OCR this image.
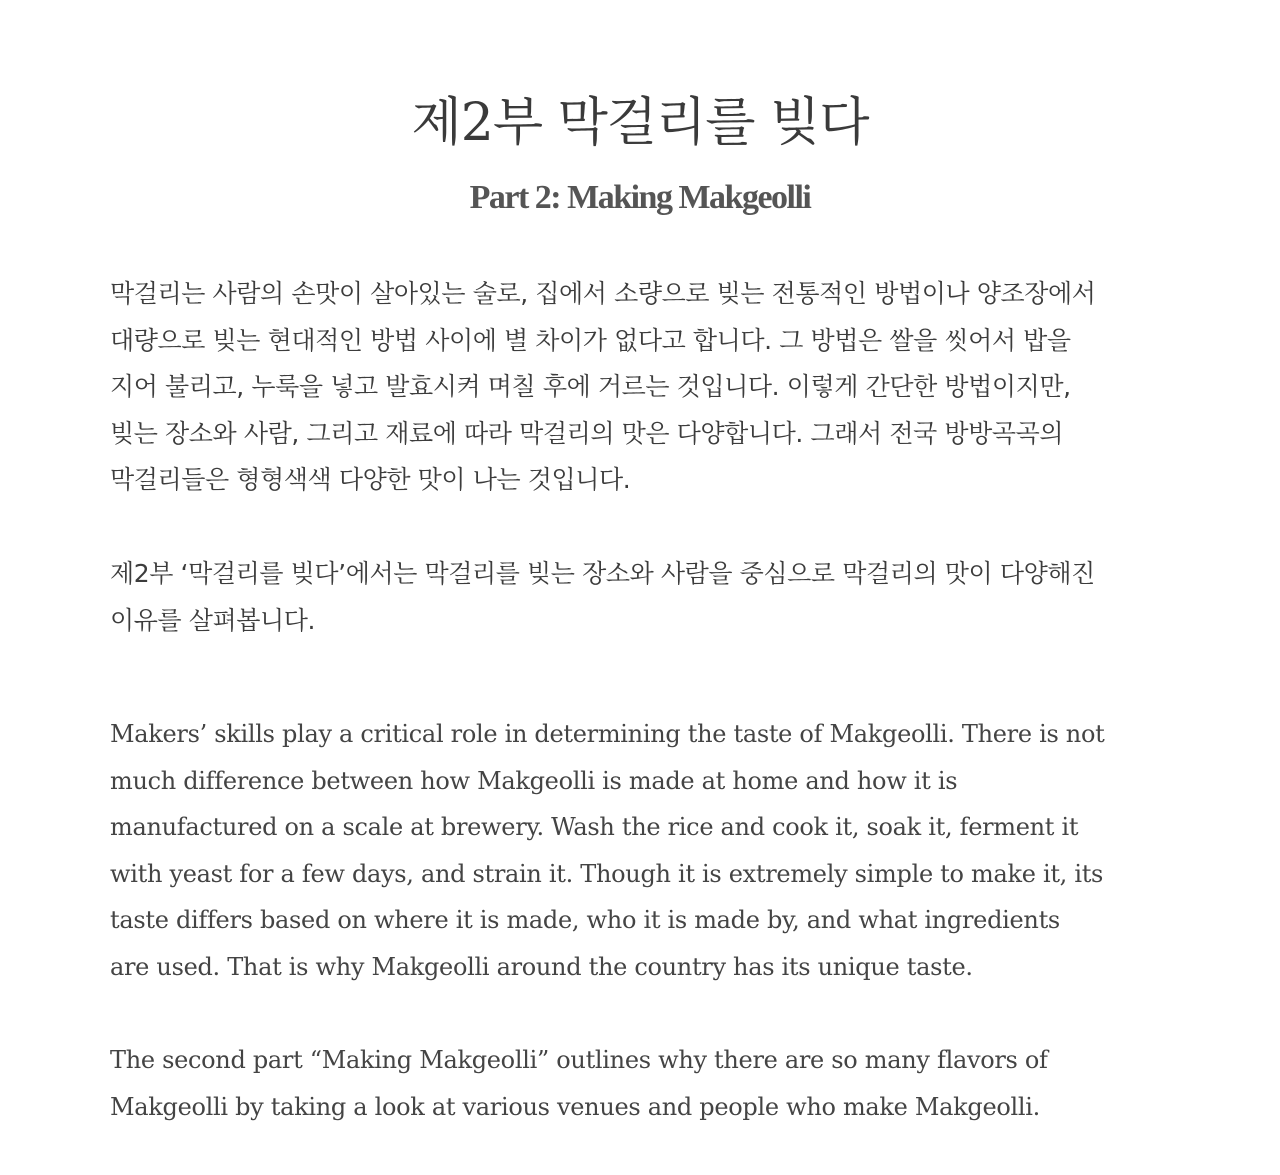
제2부 막걸리를 빚다
Part 2: Making Makgeolli

막걸리는 사람의 손맛이 살아있는 술로, 집에서 소량으로 빚는 전통적인 방법이나 양조장에서
대량으로 빚는 현대적인 방법 사이에 별 차이가 없다고 합니다. 그 방법은 쌀을 씻어서 밥을
지어 불리고, 누룩을 넣고 발효시켜 며칠 후에 거르는 것입니다. 이렇게 간단한 방법이지만,
빚는 장소와 사람, 그리고 재료에 따라 막걸리의 맛은 다양합니다. 그래서 전국 방방곡곡의
막걸리들은 형형색색 다양한 맛이 나는 것입니다.

제2부 ‘막걸리를 빚다’에서는 막걸리를 빚는 장소와 사람을 중심으로 막걸리의 맛이 다양해진
이유를 살펴봅니다.

Makers’ skills play a critical role in determining the taste of Makgeolli. There is not
much difference between how Makgeolli is made at home and how it is
manufactured on a scale at brewery. Wash the rice and cook it, soak it, ferment it
with yeast for a few days, and strain it. Though it is extremely simple to make it, its
taste differs based on where it is made, who it is made by, and what ingredients
are used. That is why Makgeolli around the country has its unique taste.

The second part “Making Makgeolli” outlines why there are so many flavors of
Makgeolli by taking a look at various venues and people who make Makgeolli.
